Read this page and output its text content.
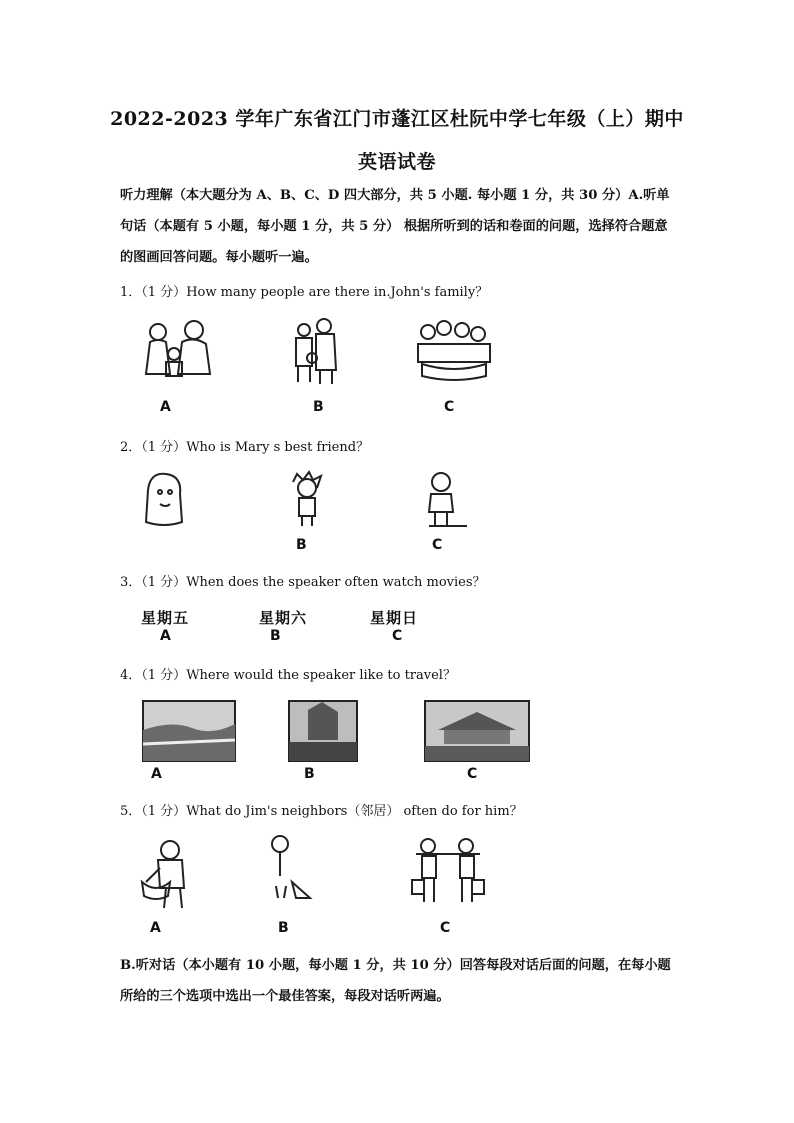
2022-2023 学年广东省江门市蓬江区杜阮中学七年级（上）期中
英语试卷
听力理解（本大题分为 A、B、C、D 四大部分，共 5 小题. 每小题 1 分，共 30 分）A.听单句话（本题有 5 小题，每小题 1 分，共 5 分） 根据所听到的话和卷面的问题，选择符合题意的图画回答问题。每小题听一遍。
1．（1 分）How many people are there in.John's family？
A	B	C
2．（1 分）Who is Mary s best friend？
B	C
3．（1 分）When does the speaker often watch movies？
星期五	星期六	星期日
A	B	C
4．（1 分）Where would the speaker like to travel？
A	B	C
5．（1 分）What do Jim's neighbors（邻居） often do for him？
A	B	C
B.听对话（本小题有 10 小题，每小题 1 分，共 10 分）回答每段对话后面的问题，在每小题所给的三个选项中选出一个最佳答案，每段对话听两遍。
